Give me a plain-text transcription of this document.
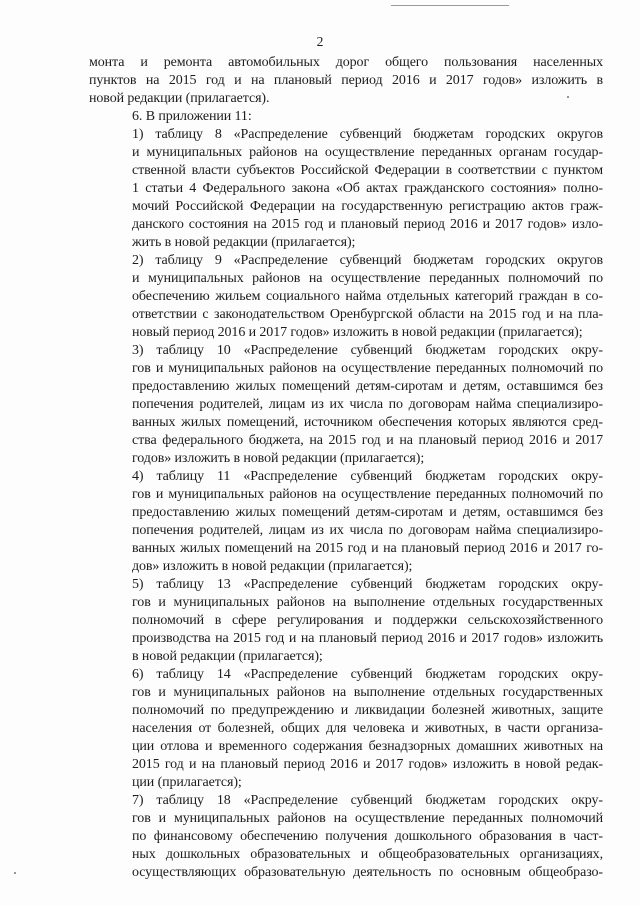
2

монта и ремонта автомобильных дорог общего пользования населенных
пунктов на 2015 год и на плановый период 2016 и 2017 годов» изложить в
новой редакции (прилагается).

6. В приложении 11:

1) таблицу 8 «Распределение субвенций бюджетам городских округов
и муниципальных районов на осуществление переданных органам государ-
ственной власти субъектов Российской Федерации в соответствии с пунктом
1 статьи 4 Федерального закона «Об актах гражданского состояния» полно-
мочий Российской Федерации на государственную регистрацию актов граж-
данского состояния на 2015 год и плановый период 2016 и 2017 годов» изло-
жить в новой редакции (прилагается);

2) таблицу 9 «Распределение субвенций бюджетам городских округов
и муниципальных районов на осуществление переданных полномочий по
обеспечению жильем социального найма отдельных категорий граждан в со-
ответствии с законодательством Оренбургской области на 2015 год и на пла-
новый период 2016 и 2017 годов» изложить в новой редакции (прилагается);

3) таблицу 10 «Распределение субвенций бюджетам городских окру-
гов и муниципальных районов на осуществление переданных полномочий по
предоставлению жилых помещений детям-сиротам и детям, оставшимся без
попечения родителей, лицам из их числа по договорам найма специализиро-
ванных жилых помещений, источником обеспечения которых являются сред-
ства федерального бюджета, на 2015 год и на плановый период 2016 и 2017
годов» изложить в новой редакции (прилагается);

4) таблицу 11 «Распределение субвенций бюджетам городских окру-
гов и муниципальных районов на осуществление переданных полномочий по
предоставлению жилых помещений детям-сиротам и детям, оставшимся без
попечения родителей, лицам из их числа по договорам найма специализиро-
ванных жилых помещений на 2015 год и на плановый период 2016 и 2017 го-
дов» изложить в новой редакции (прилагается);

5) таблицу 13 «Распределение субвенций бюджетам городских окру-
гов и муниципальных районов на выполнение отдельных государственных
полномочий в сфере регулирования и поддержки сельскохозяйственного
производства на 2015 год и на плановый период 2016 и 2017 годов» изложить
в новой редакции (прилагается);

6) таблицу 14 «Распределение субвенций бюджетам городских окру-
гов и муниципальных районов на выполнение отдельных государственных
полномочий по предупреждению и ликвидации болезней животных, защите
населения от болезней, общих для человека и животных, в части организа-
ции отлова и временного содержания безнадзорных домашних животных на
2015 год и на плановый период 2016 и 2017 годов» изложить в новой редак-
ции (прилагается);

7) таблицу 18 «Распределение субвенций бюджетам городских окру-
гов и муниципальных районов на осуществление переданных полномочий
по финансовому обеспечению получения дошкольного образования в част-
ных дошкольных образовательных и общеобразовательных организациях,
осуществляющих образовательную деятельность по основным общеобразо-
